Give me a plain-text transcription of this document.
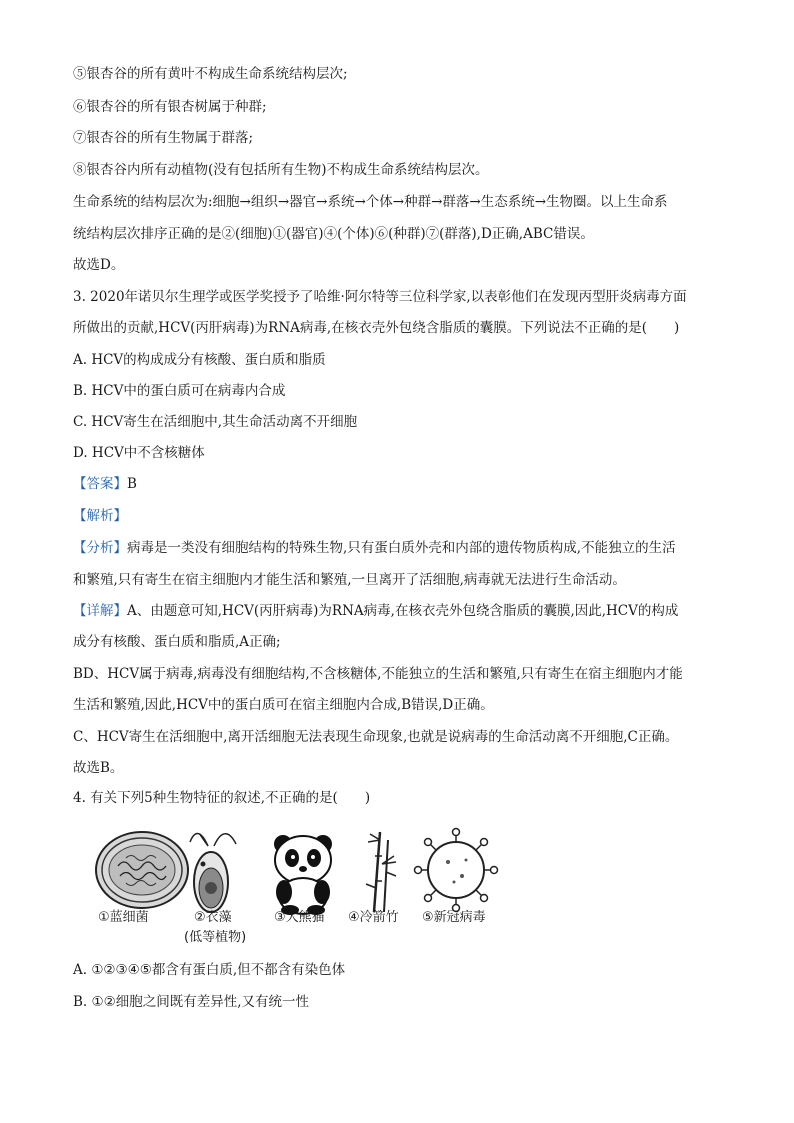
⑤银杏谷的所有黄叶不构成生命系统结构层次;
⑥银杏谷的所有银杏树属于种群;
⑦银杏谷的所有生物属于群落;
⑧银杏谷内所有动植物(没有包括所有生物)不构成生命系统结构层次。
生命系统的结构层次为:细胞→组织→器官→系统→个体→种群→群落→生态系统→生物圈。以上生命系
统结构层次排序正确的是②(细胞)①(器官)④(个体)⑥(种群)⑦(群落),D正确,ABC错误。
故选D。
3. 2020年诺贝尔生理学或医学奖授予了哈维·阿尔特等三位科学家,以表彰他们在发现丙型肝炎病毒方面
所做出的贡献,HCV(丙肝病毒)为RNA病毒,在核衣壳外包绕含脂质的囊膜。下列说法不正确的是(　　)
A. HCV的构成成分有核酸、蛋白质和脂质
B. HCV中的蛋白质可在病毒内合成
C. HCV寄生在活细胞中,其生命活动离不开细胞
D. HCV中不含核糖体
【答案】B
【解析】
【分析】病毒是一类没有细胞结构的特殊生物,只有蛋白质外壳和内部的遗传物质构成,不能独立的生活
和繁殖,只有寄生在宿主细胞内才能生活和繁殖,一旦离开了活细胞,病毒就无法进行生命活动。
【详解】A、由题意可知,HCV(丙肝病毒)为RNA病毒,在核衣壳外包绕含脂质的囊膜,因此,HCV的构成
成分有核酸、蛋白质和脂质,A正确;
BD、HCV属于病毒,病毒没有细胞结构,不含核糖体,不能独立的生活和繁殖,只有寄生在宿主细胞内才能
生活和繁殖,因此,HCV中的蛋白质可在宿主细胞内合成,B错误,D正确。
C、HCV寄生在活细胞中,离开活细胞无法表现生命现象,也就是说病毒的生命活动离不开细胞,C正确。
故选B。
4. 有关下列5种生物特征的叙述,不正确的是(　　)
①蓝细菌	②衣藻
(低等植物)
③大熊猫 ④冷箭竹 ⑤新冠病毒
A. ①②③④⑤都含有蛋白质,但不都含有染色体
B. ①②细胞之间既有差异性,又有统一性
